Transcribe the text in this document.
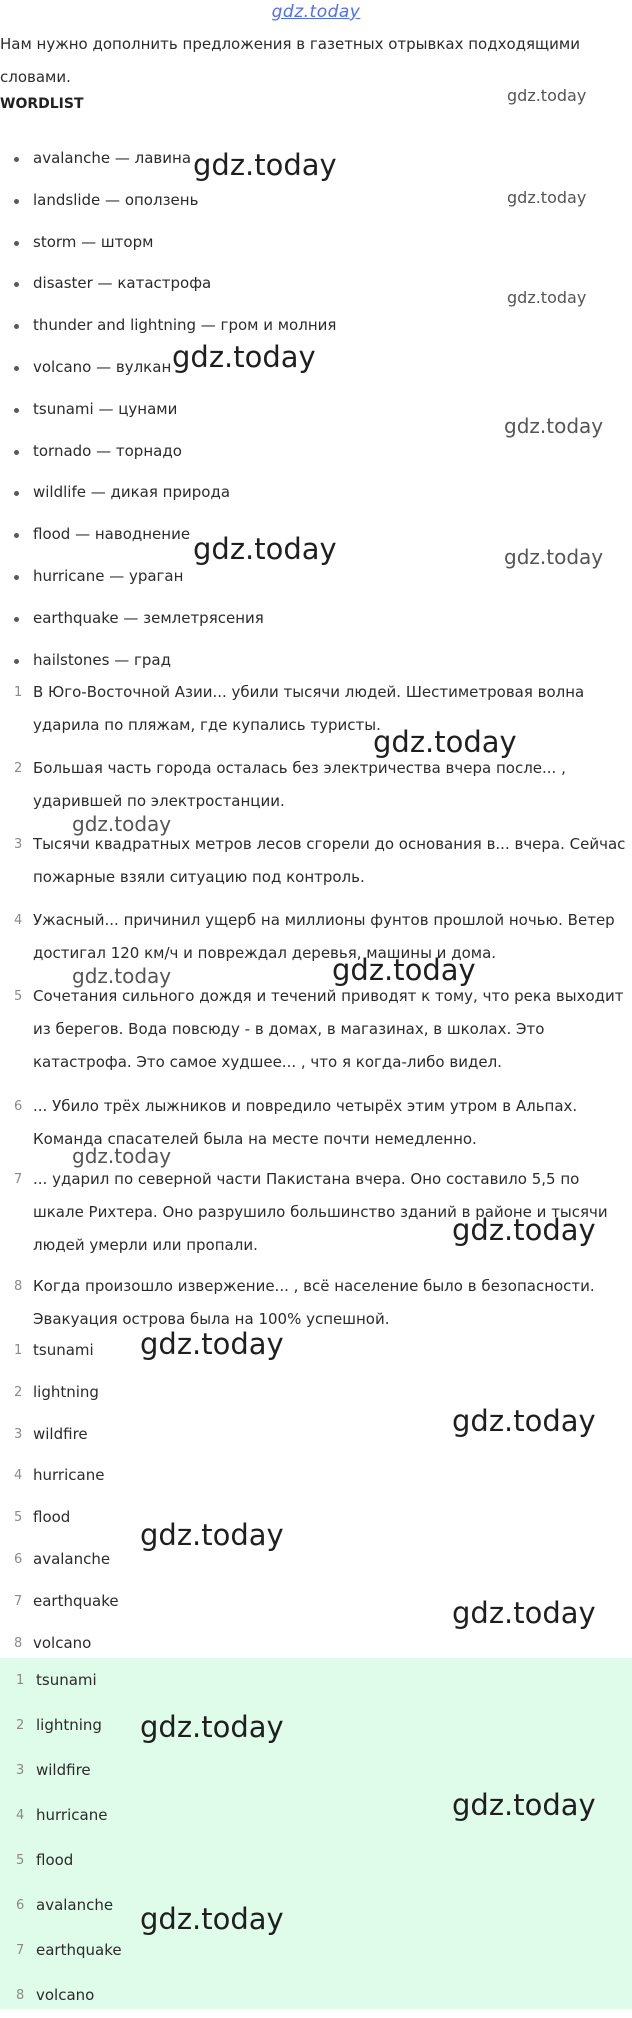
gdz.today
Нам нужно дополнить предложения в газетных отрывках подходящими словами.
WORDLIST
avalanche — лавина
landslide — оползень
storm — шторм
disaster — катастрофа
thunder and lightning — гром и молния
volcano — вулкан
tsunami — цунами
tornado — торнадо
wildlife — дикая природа
flood — наводнение
hurricane — ураган
earthquake — землетрясения
hailstones — град
1 В Юго-Восточной Азии... убили тысячи людей. Шестиметровая волна ударила по пляжам, где купались туристы.
2 Большая часть города осталась без электричества вчера после... , ударившей по электростанции.
3 Тысячи квадратных метров лесов сгорели до основания в... вчера. Сейчас пожарные взяли ситуацию под контроль.
4 Ужасный... причинил ущерб на миллионы фунтов прошлой ночью. Ветер достигал 120 км/ч и повреждал деревья, машины и дома.
5 Сочетания сильного дождя и течений приводят к тому, что река выходит из берегов. Вода повсюду - в домах, в магазинах, в школах. Это катастрофа. Это самое худшее... , что я когда-либо видел.
6 ... Убило трёх лыжников и повредило четырёх этим утром в Альпах. Команда спасателей была на месте почти немедленно.
7 ... ударил по северной части Пакистана вчера. Оно составило 5,5 по шкале Рихтера. Оно разрушило большинство зданий в районе и тысячи людей умерли или пропали.
8 Когда произошло извержение... , всё население было в безопасности. Эвакуация острова была на 100% успешной.
1 tsunami
2 lightning
3 wildfire
4 hurricane
5 flood
6 avalanche
7 earthquake
8 volcano
1 tsunami
2 lightning
3 wildfire
4 hurricane
5 flood
6 avalanche
7 earthquake
8 volcano
gdz.today
gdz.today
gdz.today
gdz.today
gdz.today
gdz.today
gdz.today	gdz.today
gdz.today
gdz.today
gdz.today	gdz.today
gdz.today
gdz.today
gdz.today
gdz.today
gdz.today
gdz.today
gdz.today
gdz.today
gdz.today
